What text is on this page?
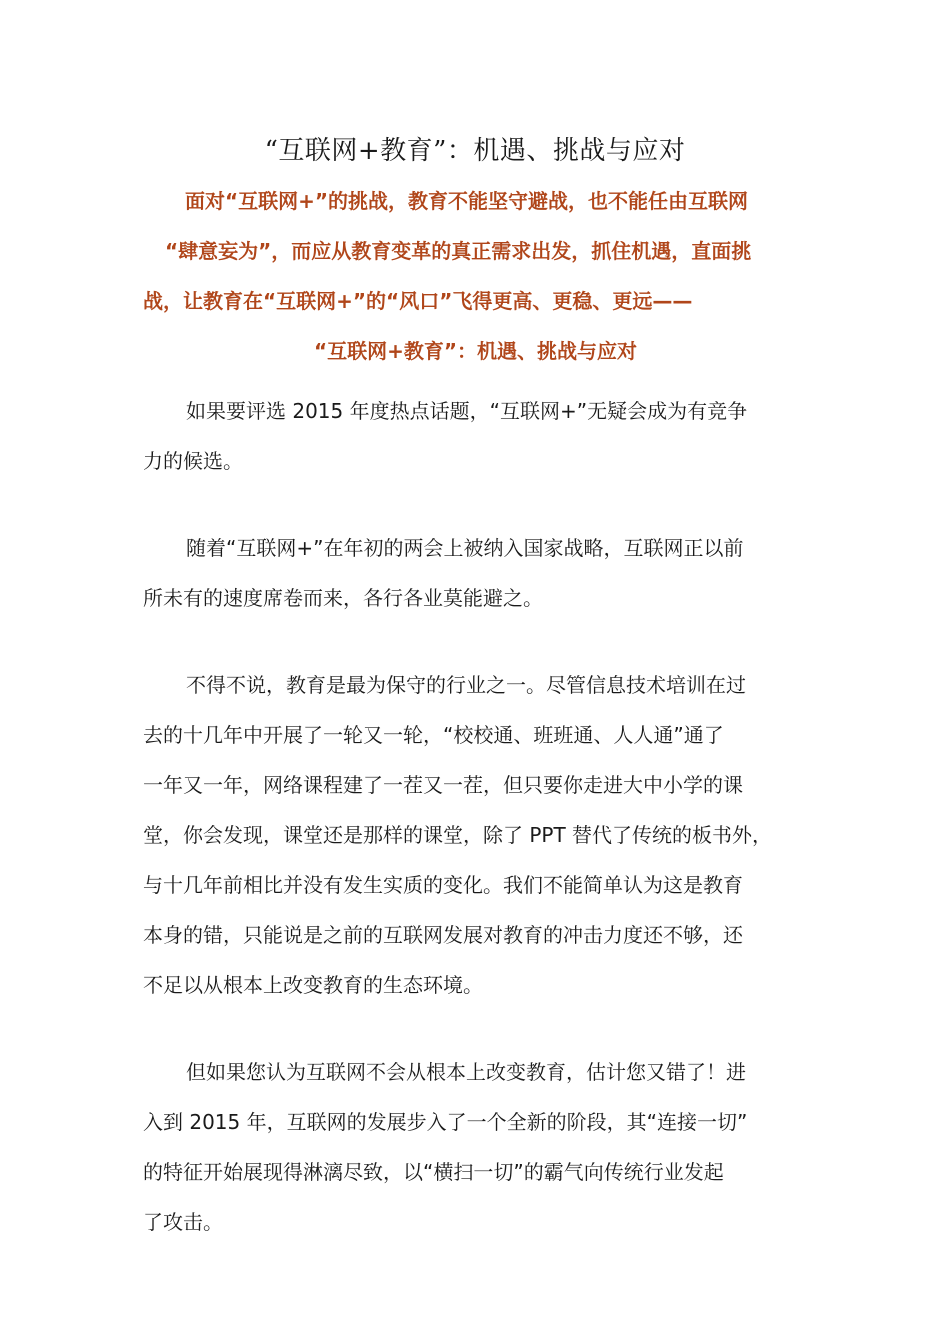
“互联网+教育”：机遇、挑战与应对
面对“互联网+”的挑战，教育不能坚守避战，也不能任由互联网
“肆意妄为”，而应从教育变革的真正需求出发，抓住机遇，直面挑
战，让教育在“互联网+”的“风口”飞得更高、更稳、更远——
“互联网+教育”：机遇、挑战与应对
如果要评选 2015 年度热点话题，“互联网+”无疑会成为有竞争
力的候选。
随着“互联网+”在年初的两会上被纳入国家战略，互联网正以前
所未有的速度席卷而来，各行各业莫能避之。
不得不说，教育是最为保守的行业之一。尽管信息技术培训在过
去的十几年中开展了一轮又一轮，“校校通、班班通、人人通”通了
一年又一年，网络课程建了一茬又一茬，但只要你走进大中小学的课
堂，你会发现，课堂还是那样的课堂，除了 PPT 替代了传统的板书外，
与十几年前相比并没有发生实质的变化。我们不能简单认为这是教育
本身的错，只能说是之前的互联网发展对教育的冲击力度还不够，还
不足以从根本上改变教育的生态环境。
但如果您认为互联网不会从根本上改变教育，估计您又错了！进
入到 2015 年，互联网的发展步入了一个全新的阶段，其“连接一切”
的特征开始展现得淋漓尽致，以“横扫一切”的霸气向传统行业发起
了攻击。
